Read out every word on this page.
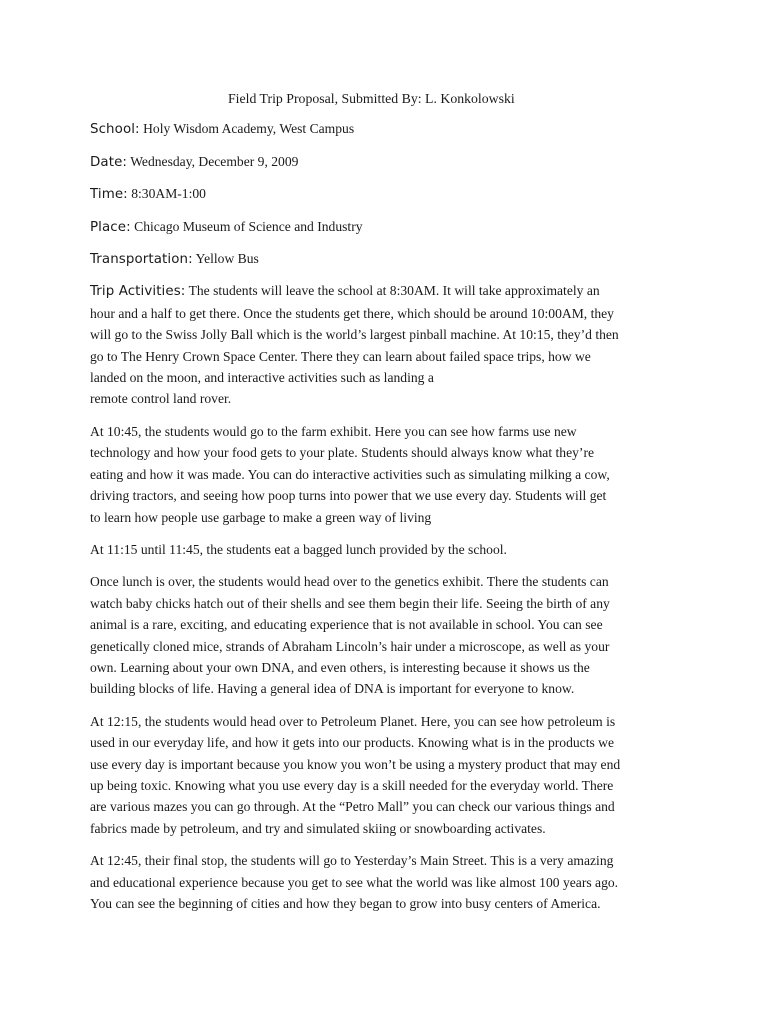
Field Trip Proposal, Submitted By: L. Konkolowski

School: Holy Wisdom Academy, West Campus

Date: Wednesday, December 9, 2009

Time: 8:30AM-1:00

Place: Chicago Museum of Science and Industry

Transportation: Yellow Bus

Trip Activities: The students will leave the school at 8:30AM. It will take approximately an
hour and a half to get there. Once the students get there, which should be around 10:00AM, they
will go to the Swiss Jolly Ball which is the world’s largest pinball machine. At 10:15, they’d then
go to The Henry Crown Space Center. There they can learn about failed space trips, how we
landed on the moon, and interactive activities such as landing a
remote control land rover.
At 10:45, the students would go to the farm exhibit. Here you can see how farms use new
technology and how your food gets to your plate. Students should always know what they’re
eating and how it was made. You can do interactive activities such as simulating milking a cow,
driving tractors, and seeing how poop turns into power that we use every day. Students will get
to learn how people use garbage to make a green way of living
At 11:15 until 11:45, the students eat a bagged lunch provided by the school.
Once lunch is over, the students would head over to the genetics exhibit. There the students can
watch baby chicks hatch out of their shells and see them begin their life. Seeing the birth of any
animal is a rare, exciting, and educating experience that is not available in school. You can see
genetically cloned mice, strands of Abraham Lincoln’s hair under a microscope, as well as your
own. Learning about your own DNA, and even others, is interesting because it shows us the
building blocks of life. Having a general idea of DNA is important for everyone to know.
At 12:15, the students would head over to Petroleum Planet. Here, you can see how petroleum is
used in our everyday life, and how it gets into our products. Knowing what is in the products we
use every day is important because you know you won’t be using a mystery product that may end
up being toxic. Knowing what you use every day is a skill needed for the everyday world. There
are various mazes you can go through. At the “Petro Mall” you can check our various things and
fabrics made by petroleum, and try and simulated skiing or snowboarding activates.
At 12:45, their final stop, the students will go to Yesterday’s Main Street. This is a very amazing
and educational experience because you get to see what the world was like almost 100 years ago.
You can see the beginning of cities and how they began to grow into busy centers of America.
